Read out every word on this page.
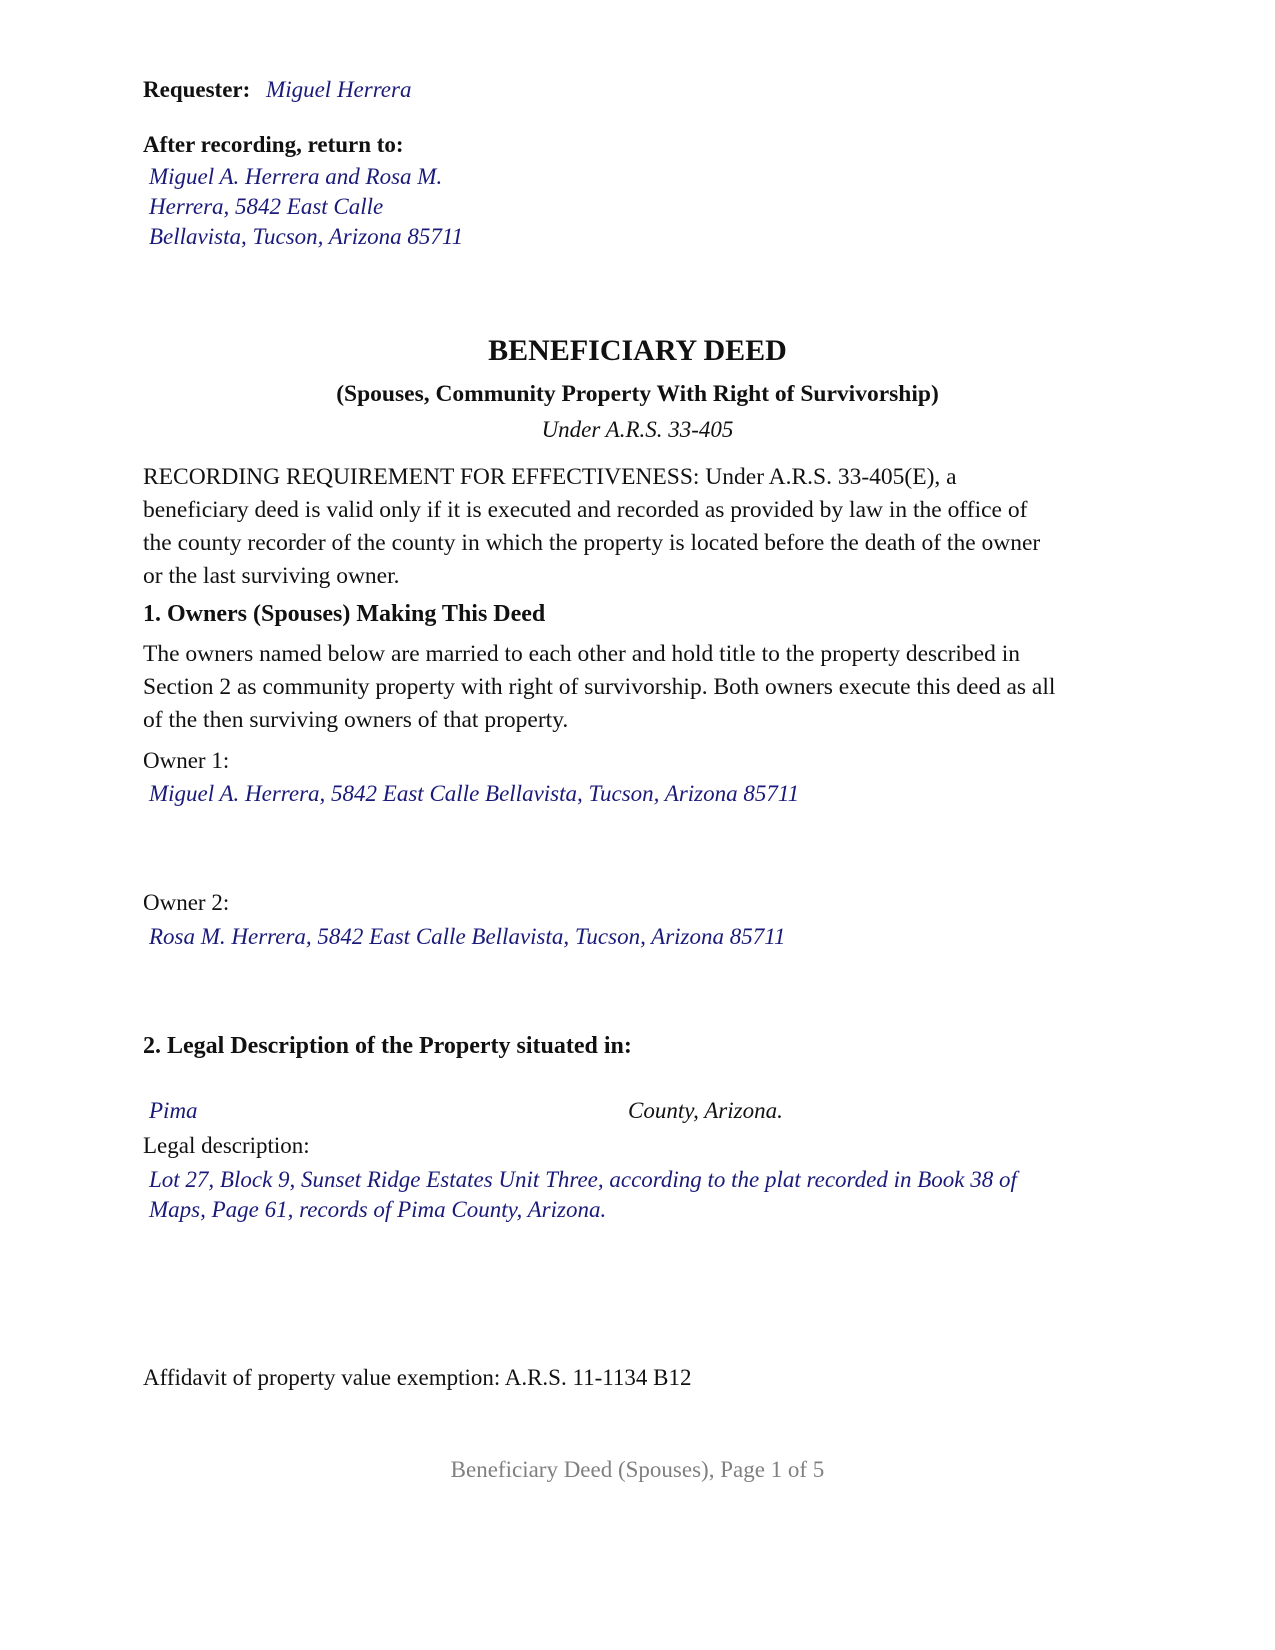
Requester: Miguel Herrera
After recording, return to:
Miguel A. Herrera and Rosa M.
Herrera, 5842 East Calle
Bellavista, Tucson, Arizona 85711
BENEFICIARY DEED
(Spouses, Community Property With Right of Survivorship)
Under A.R.S. 33-405
RECORDING REQUIREMENT FOR EFFECTIVENESS: Under A.R.S. 33-405(E), a
beneficiary deed is valid only if it is executed and recorded as provided by law in the office of
the county recorder of the county in which the property is located before the death of the owner
or the last surviving owner.
1. Owners (Spouses) Making This Deed
The owners named below are married to each other and hold title to the property described in
Section 2 as community property with right of survivorship. Both owners execute this deed as all
of the then surviving owners of that property.
Owner 1:
Miguel A. Herrera, 5842 East Calle Bellavista, Tucson, Arizona 85711
Owner 2:
Rosa M. Herrera, 5842 East Calle Bellavista, Tucson, Arizona 85711
2. Legal Description of the Property situated in:
Pima	County, Arizona.
Legal description:
Lot 27, Block 9, Sunset Ridge Estates Unit Three, according to the plat recorded in Book 38 of
Maps, Page 61, records of Pima County, Arizona.
Affidavit of property value exemption: A.R.S. 11-1134 B12
Beneficiary Deed (Spouses), Page 1 of 5
